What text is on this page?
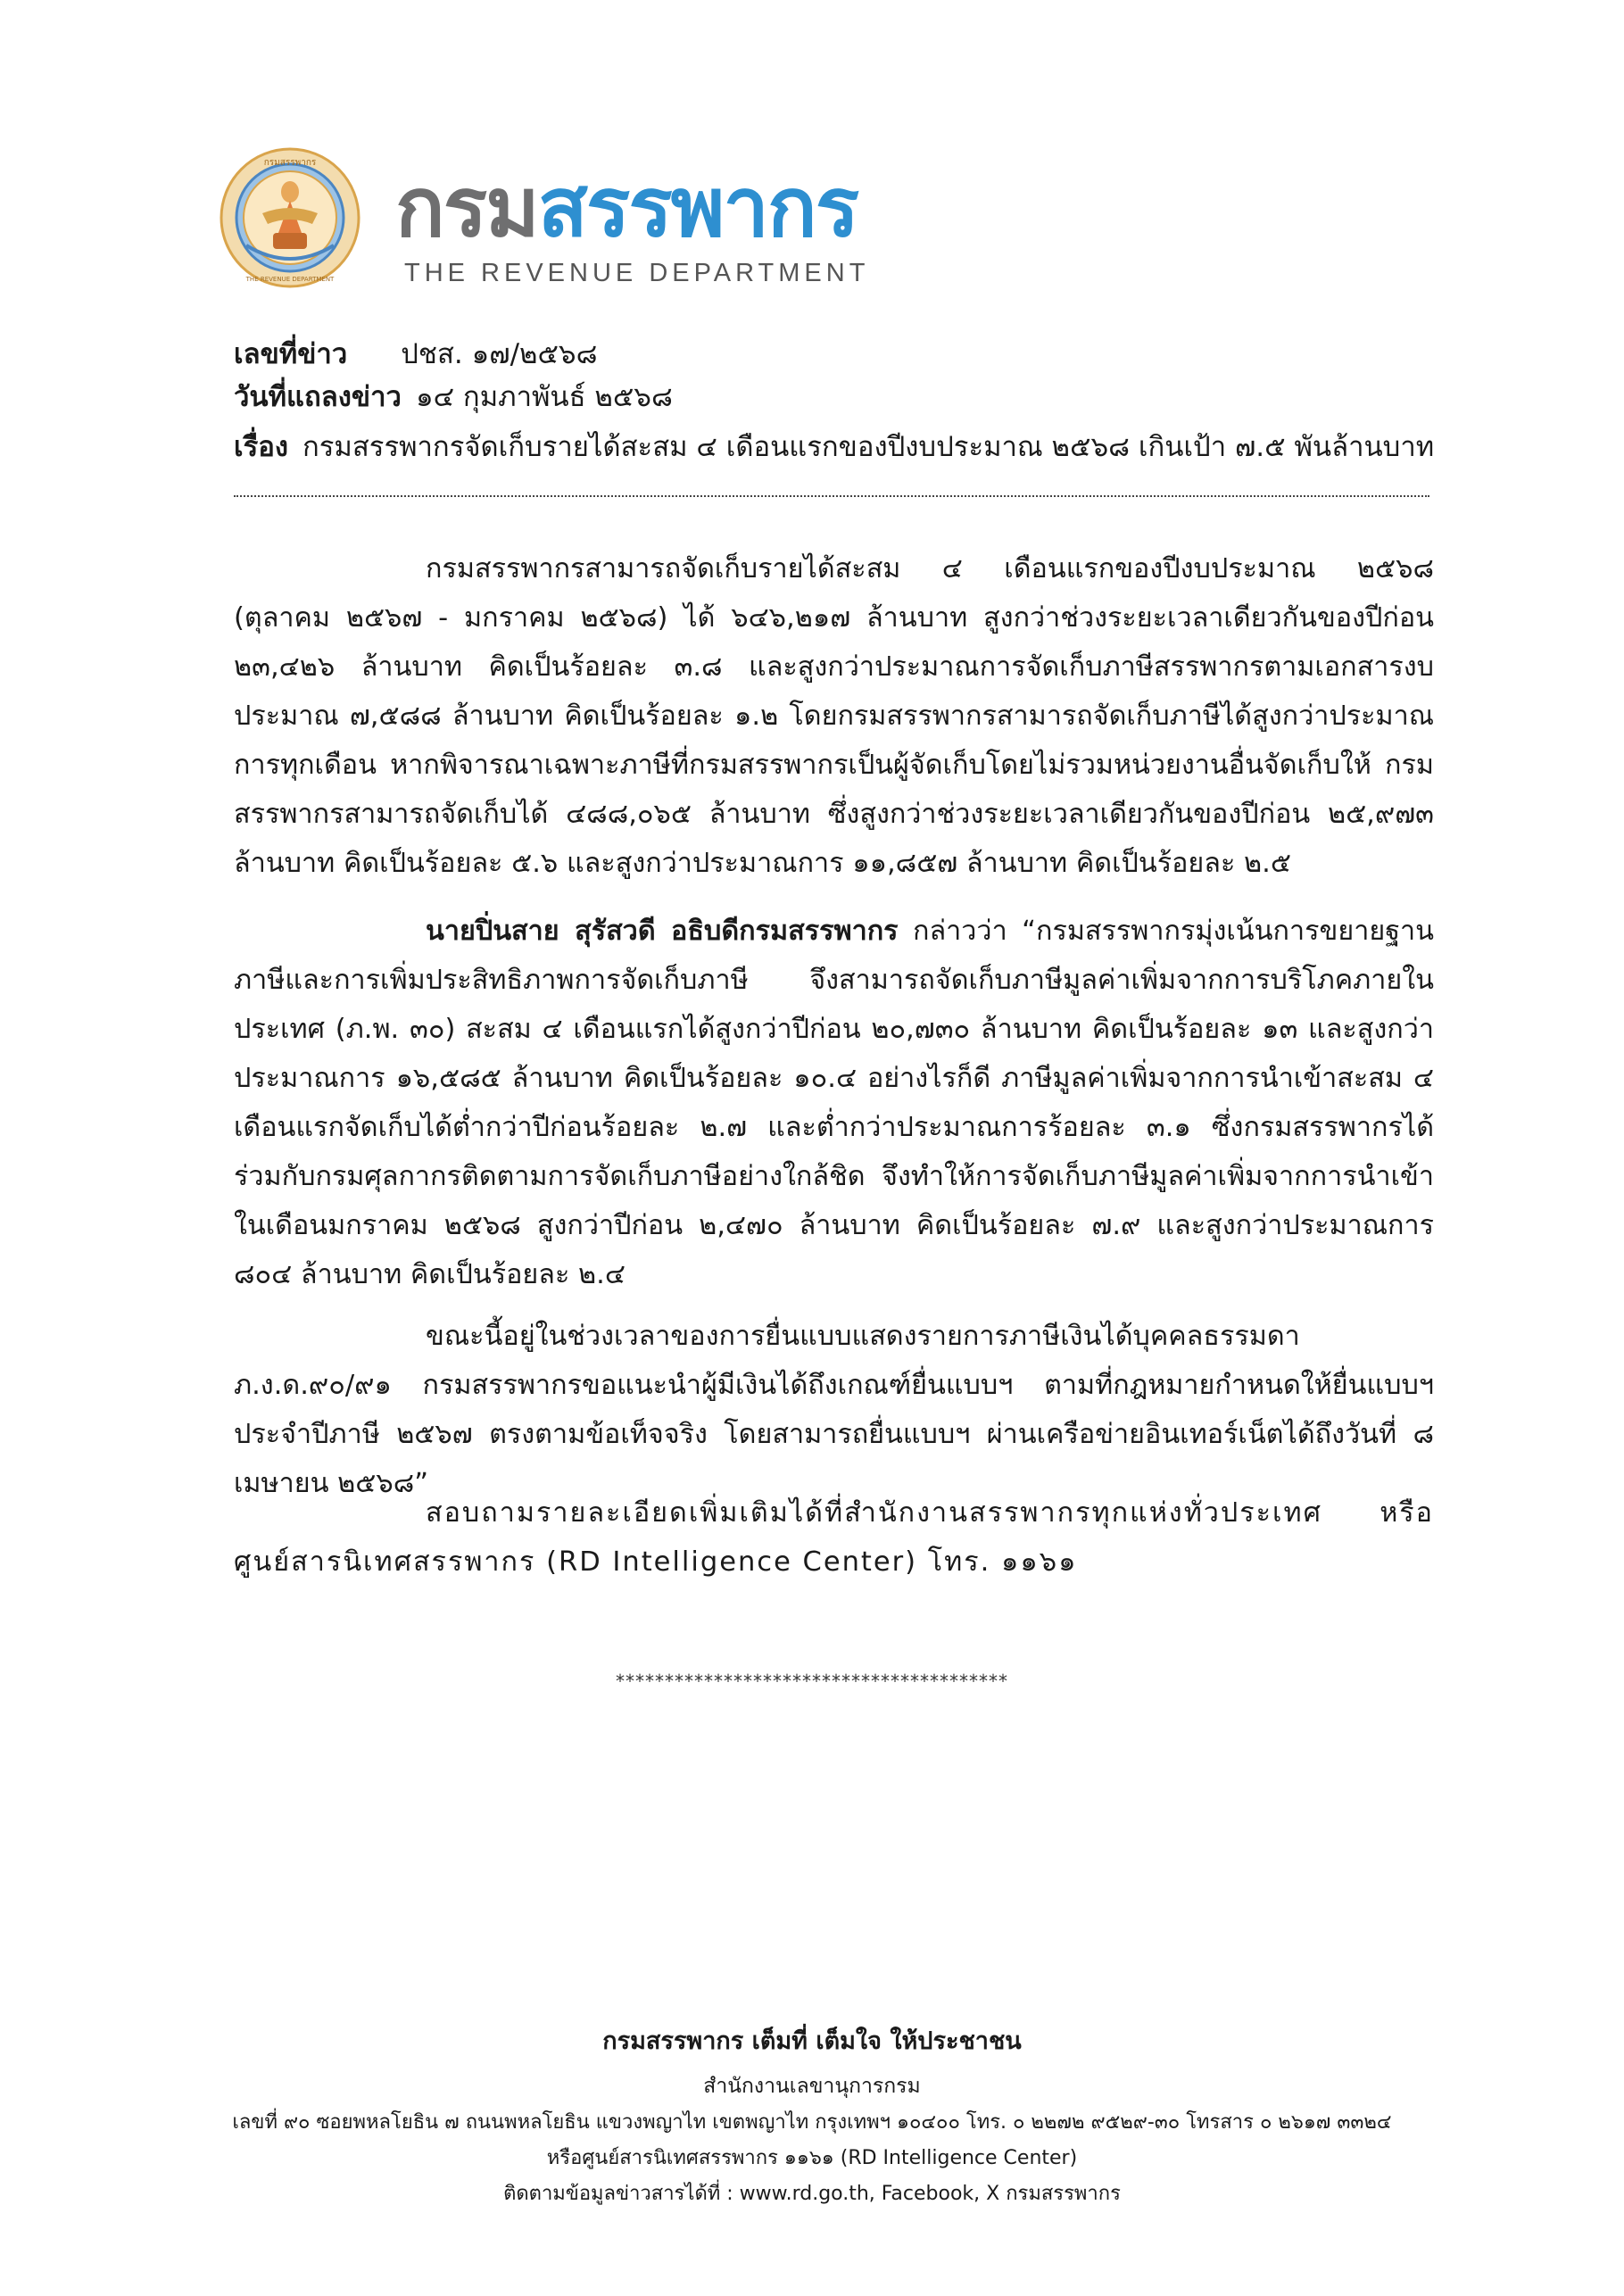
กรมสรรพากร
THE REVENUE DEPARTMENT
กรมสรรพากร
THE REVENUE DEPARTMENT
เลขที่ข่าว ปชส. ๑๗/๒๕๖๘
วันที่แถลงข่าว ๑๔ กุมภาพันธ์ ๒๕๖๘
เรื่อง กรมสรรพากรจัดเก็บรายได้สะสม ๔ เดือนแรกของปีงบประมาณ ๒๕๖๘ เกินเป้า ๗.๕ พันล้านบาท
กรมสรรพากรสามารถจัดเก็บรายได้สะสม ๔ เดือนแรกของปีงบประมาณ ๒๕๖๘ (ตุลาคม ๒๕๖๗ - มกราคม ๒๕๖๘) ได้ ๖๔๖,๒๑๗ ล้านบาท สูงกว่าช่วงระยะเวลาเดียวกันของปีก่อน ๒๓,๔๒๖ ล้านบาท คิดเป็นร้อยละ ๓.๘ และสูงกว่าประมาณการจัดเก็บภาษีสรรพากรตามเอกสารงบประมาณ ๗,๕๘๘ ล้านบาท คิดเป็นร้อยละ ๑.๒ โดยกรมสรรพากรสามารถจัดเก็บภาษีได้สูงกว่าประมาณการทุกเดือน หากพิจารณาเฉพาะภาษีที่กรมสรรพากรเป็นผู้จัดเก็บโดยไม่รวมหน่วยงานอื่นจัดเก็บให้ กรมสรรพากรสามารถจัดเก็บได้ ๔๘๘,๐๖๕ ล้านบาท ซึ่งสูงกว่าช่วงระยะเวลาเดียวกันของปีก่อน ๒๕,๙๗๓ ล้านบาท คิดเป็นร้อยละ ๕.๖ และสูงกว่าประมาณการ ๑๑,๘๕๗ ล้านบาท คิดเป็นร้อยละ ๒.๕
นายปิ่นสาย สุรัสวดี อธิบดีกรมสรรพากร กล่าวว่า “กรมสรรพากรมุ่งเน้นการขยายฐานภาษีและการเพิ่มประสิทธิภาพการจัดเก็บภาษี จึงสามารถจัดเก็บภาษีมูลค่าเพิ่มจากการบริโภคภายในประเทศ (ภ.พ. ๓๐) สะสม ๔ เดือนแรกได้สูงกว่าปีก่อน ๒๐,๗๓๐ ล้านบาท คิดเป็นร้อยละ ๑๓ และสูงกว่าประมาณการ ๑๖,๕๘๕ ล้านบาท คิดเป็นร้อยละ ๑๐.๔ อย่างไรก็ดี ภาษีมูลค่าเพิ่มจากการนำเข้าสะสม ๔ เดือนแรกจัดเก็บได้ต่ำกว่าปีก่อนร้อยละ ๒.๗ และต่ำกว่าประมาณการร้อยละ ๓.๑ ซึ่งกรมสรรพากรได้ร่วมกับกรมศุลกากรติดตามการจัดเก็บภาษีอย่างใกล้ชิด จึงทำให้การจัดเก็บภาษีมูลค่าเพิ่มจากการนำเข้าในเดือนมกราคม ๒๕๖๘ สูงกว่าปีก่อน ๒,๔๗๐ ล้านบาท คิดเป็นร้อยละ ๗.๙ และสูงกว่าประมาณการ ๘๐๔ ล้านบาท คิดเป็นร้อยละ ๒.๔
ขณะนี้อยู่ในช่วงเวลาของการยื่นแบบแสดงรายการภาษีเงินได้บุคคลธรรมดา ภ.ง.ด.๙๐/๙๑ กรมสรรพากรขอแนะนำผู้มีเงินได้ถึงเกณฑ์ยื่นแบบฯ ตามที่กฎหมายกำหนดให้ยื่นแบบฯ ประจำปีภาษี ๒๕๖๗ ตรงตามข้อเท็จจริง โดยสามารถยื่นแบบฯ ผ่านเครือข่ายอินเทอร์เน็ตได้ถึงวันที่ ๘ เมษายน ๒๕๖๘”
สอบถามรายละเอียดเพิ่มเติมได้ที่สำนักงานสรรพากรทุกแห่งทั่วประเทศ หรือศูนย์สารนิเทศสรรพากร (RD Intelligence Center) โทร. ๑๑๖๑
****************************************
กรมสรรพากร เต็มที่ เต็มใจ ให้ประชาชน
สำนักงานเลขานุการกรม
เลขที่ ๙๐ ซอยพหลโยธิน ๗ ถนนพหลโยธิน แขวงพญาไท เขตพญาไท กรุงเทพฯ ๑๐๔๐๐ โทร. ๐ ๒๒๗๒ ๙๕๒๙-๓๐ โทรสาร ๐ ๒๖๑๗ ๓๓๒๔
หรือศูนย์สารนิเทศสรรพากร ๑๑๖๑ (RD Intelligence Center)
ติดตามข้อมูลข่าวสารได้ที่ : www.rd.go.th, Facebook, X กรมสรรพากร
